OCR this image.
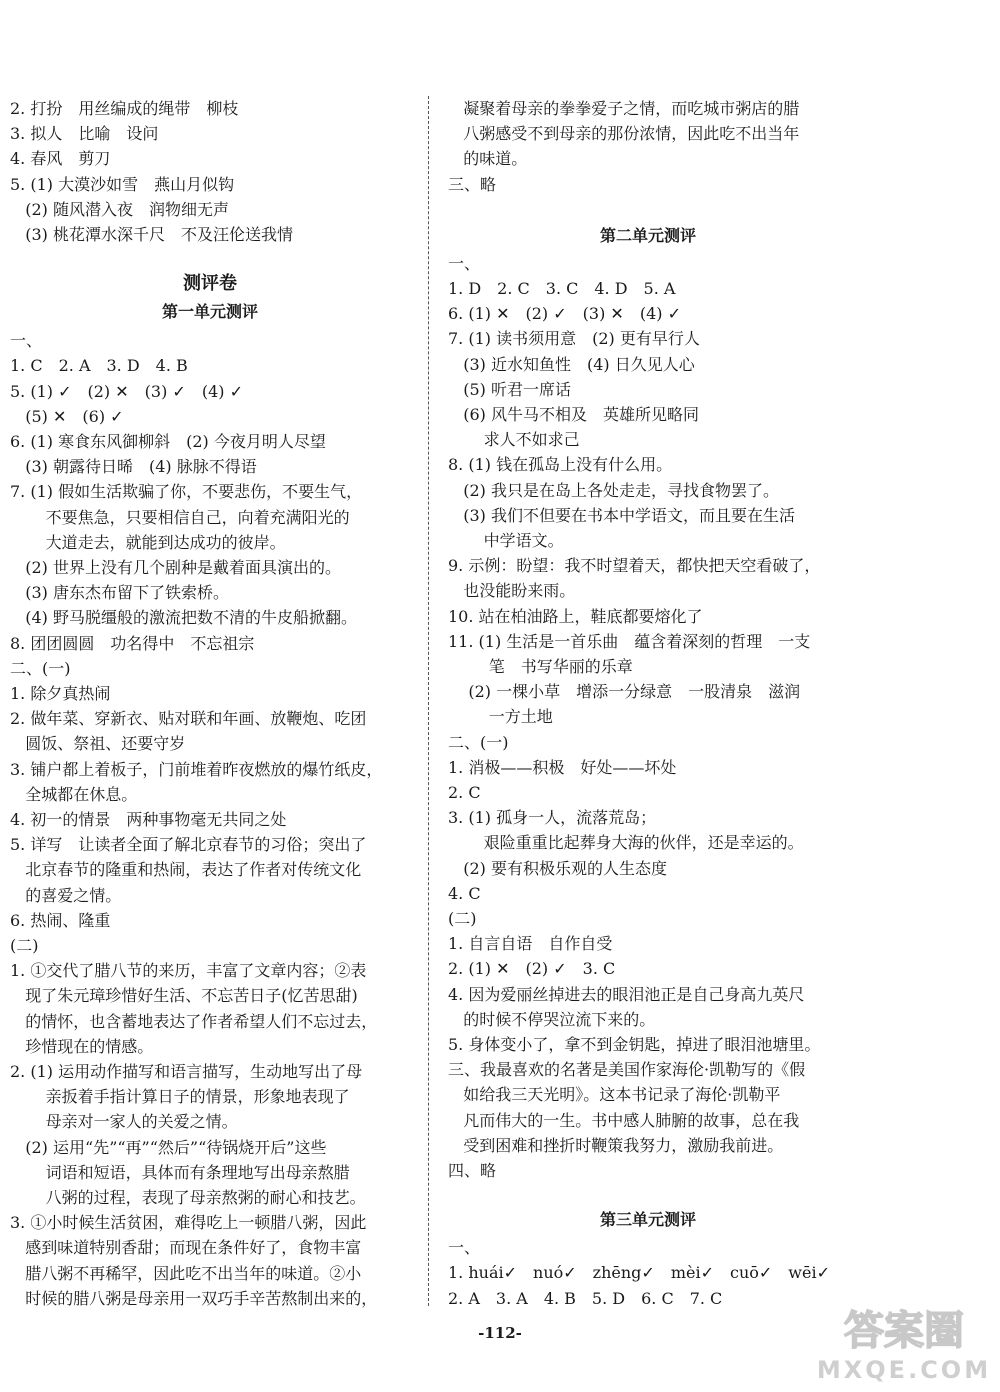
2. 打扮　用丝编成的绳带　柳枝
3. 拟人　比喻　设问
4. 春风　剪刀
5. (1) 大漠沙如雪　燕山月似钩
(2) 随风潜入夜　润物细无声
(3) 桃花潭水深千尺　不及汪伦送我情
测评卷
第一单元测评
一、
1. C　2. A　3. D　4. B
5. (1) ✓　(2) ✕　(3) ✓　(4) ✓
(5) ✕　(6) ✓
6. (1) 寒食东风御柳斜　(2) 今夜月明人尽望
(3) 朝露待日晞　(4) 脉脉不得语
7. (1) 假如生活欺骗了你，不要悲伤，不要生气，
不要焦急，只要相信自己，向着充满阳光的
大道走去，就能到达成功的彼岸。
(2) 世界上没有几个剧种是戴着面具演出的。
(3) 唐东杰布留下了铁索桥。
(4) 野马脱缰般的激流把数不清的牛皮船掀翻。
8. 团团圆圆　功名得中　不忘祖宗
二、(一)
1. 除夕真热闹
2. 做年菜、穿新衣、贴对联和年画、放鞭炮、吃团
圆饭、祭祖、还要守岁
3. 铺户都上着板子，门前堆着昨夜燃放的爆竹纸皮，
全城都在休息。
4. 初一的情景　两种事物毫无共同之处
5. 详写　让读者全面了解北京春节的习俗；突出了
北京春节的隆重和热闹，表达了作者对传统文化
的喜爱之情。
6. 热闹、隆重
(二)
1. ①交代了腊八节的来历，丰富了文章内容；②表
现了朱元璋珍惜好生活、不忘苦日子(忆苦思甜)
的情怀，也含蓄地表达了作者希望人们不忘过去，
珍惜现在的情感。
2. (1) 运用动作描写和语言描写，生动地写出了母
亲扳着手指计算日子的情景，形象地表现了
母亲对一家人的关爱之情。
(2) 运用“先”“再”“然后”“待锅烧开后”这些
词语和短语，具体而有条理地写出母亲熬腊
八粥的过程，表现了母亲熬粥的耐心和技艺。
3. ①小时候生活贫困，难得吃上一顿腊八粥，因此
感到味道特别香甜；而现在条件好了，食物丰富
腊八粥不再稀罕，因此吃不出当年的味道。②小
时候的腊八粥是母亲用一双巧手辛苦熬制出来的，
凝聚着母亲的拳拳爱子之情，而吃城市粥店的腊
八粥感受不到母亲的那份浓情，因此吃不出当年
的味道。
三、略
第二单元测评
一、
1. D　2. C　3. C　4. D　5. A
6. (1) ✕　(2) ✓　(3) ✕　(4) ✓
7. (1) 读书须用意　(2) 更有早行人
(3) 近水知鱼性　(4) 日久见人心
(5) 听君一席话
(6) 风牛马不相及　英雄所见略同
求人不如求己
8. (1) 钱在孤岛上没有什么用。
(2) 我只是在岛上各处走走，寻找食物罢了。
(3) 我们不但要在书本中学语文，而且要在生活
中学语文。
9. 示例：盼望：我不时望着天，都快把天空看破了，
也没能盼来雨。
10. 站在柏油路上，鞋底都要熔化了
11. (1) 生活是一首乐曲　蕴含着深刻的哲理　一支
笔　书写华丽的乐章
(2) 一棵小草　增添一分绿意　一股清泉　滋润
一方土地
二、(一)
1. 消极——积极　好处——坏处
2. C
3. (1) 孤身一人，流落荒岛；
艰险重重比起葬身大海的伙伴，还是幸运的。
(2) 要有积极乐观的人生态度
4. C
(二)
1. 自言自语　自作自受
2. (1) ✕　(2) ✓　3. C
4. 因为爱丽丝掉进去的眼泪池正是自己身高九英尺
的时候不停哭泣流下来的。
5. 身体变小了，拿不到金钥匙，掉进了眼泪池塘里。
三、我最喜欢的名著是美国作家海伦·凯勒写的《假
如给我三天光明》。这本书记录了海伦·凯勒平
凡而伟大的一生。书中感人肺腑的故事，总在我
受到困难和挫折时鞭策我努力，激励我前进。
四、略
第三单元测评
一、
1. huái✓　nuó✓　zhēng✓　mèi✓　cuō✓　wēi✓
2. A　3. A　4. B　5. D　6. C　7. C
-112-	答案圈
MXQE.COM
